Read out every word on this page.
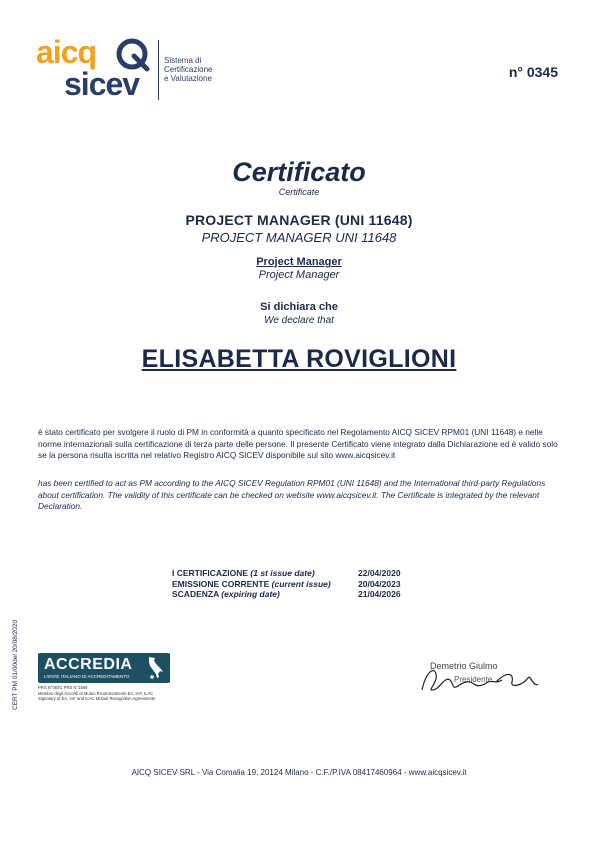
aicq
sicev
Sistema di
Certificazione
e Valutazione	n° 0345
Certificato
Certificate
PROJECT MANAGER (UNI 11648)
PROJECT MANAGER UNI 11648
Project Manager
Project Manager
Si dichiara che
We declare that
ELISABETTA ROVIGLIONI
è stato certificato per svolgere il ruolo di PM in conformità a quanto specificato nel Regolamento AICQ SICEV RPM01 (UNI 11648) e nelle norme internazionali sulla certificazione di terza parte delle persone. Il presente Certificato viene integrato dalla Dichiarazione ed è valido solo se la persona risulta iscritta nel relativo Registro AICQ SICEV disponibile sul sito www.aicqsicev.it
has been certified to act as PM according to the AICQ SICEV Regulation RPM01 (UNI 11648) and the International third-party Regulations about certification. The validity of this certificate can be checked on website www.aicqsicev.it. The Certificate is integrated by the relevant Declaration.
I CERTIFICAZIONE (1 st issue date)	22/04/2020
EMISSIONE CORRENTE (current issue)	20/04/2023
SCADENZA (expiring date)	21/04/2026
CERT PM 01/00del 20/08/2020 ACCREDIA
L'ENTE ITALIANO DI ACCREDITAMENTO
PRS N°083C PRS N°1566
Membro degli Accordi di Mutuo Riconoscimento EA, IAF, ILAC
Signatory of EA, IAF and ILAC Mutual Recognition Agreements
Demetrio Giulmo
Presidente
AICQ SICEV SRL - Via Comalia 19, 20124 Milano - C.F./P.IVA 08417460964 - www.aicqsicev.it
